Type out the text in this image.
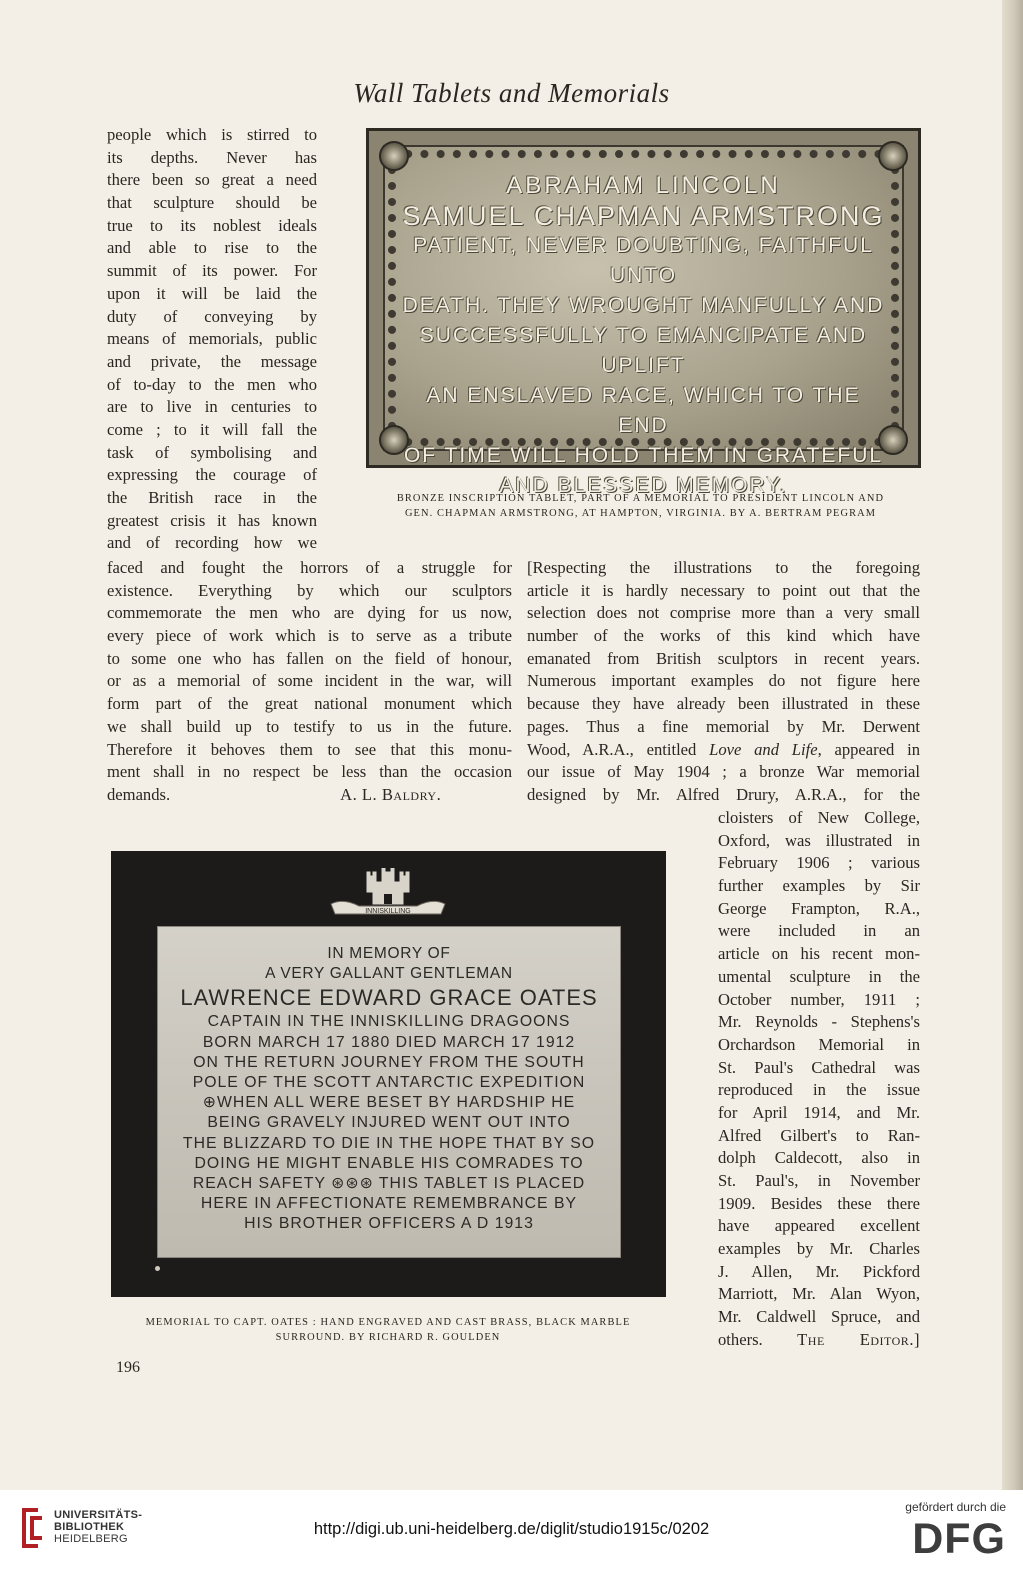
Wall Tablets and Memorials
people which is stirred to
its depths. Never has
there been so great a need
that sculpture should be
true to its noblest ideals
and able to rise to the
summit of its power. For
upon it will be laid the
duty of conveying by
means of memorials, public
and private, the message
of to-day to the men who
are to live in centuries to
come ; to it will fall the
task of symbolising and
expressing the courage of
the British race in the
greatest crisis it has known
and of recording how we
ABRAHAM LINCOLN
SAMUEL CHAPMAN ARMSTRONG
PATIENT, NEVER DOUBTING, FAITHFUL UNTO
DEATH. THEY WROUGHT MANFULLY AND
SUCCESSFULLY TO EMANCIPATE AND UPLIFT
AN ENSLAVED RACE, WHICH TO THE END
OF TIME WILL HOLD THEM IN GRATEFUL
AND BLESSED MEMORY.
BRONZE INSCRIPTION TABLET, PART OF A MEMORIAL TO PRESIDENT LINCOLN AND
GEN. CHAPMAN ARMSTRONG, AT HAMPTON, VIRGINIA. BY A. BERTRAM PEGRAM
faced and fought the horrors of a struggle for
existence. Everything by which our sculptors
commemorate the men who are dying for us now,
every piece of work which is to serve as a tribute
to some one who has fallen on the field of honour,
or as a memorial of some incident in the war, will
form part of the great national monument which
we shall build up to testify to us in the future.
Therefore it behoves them to see that this monu-
ment shall in no respect be less than the occasion
demands.	A. L. Baldry.
[Respecting the illustrations to the foregoing
article it is hardly necessary to point out that the
selection does not comprise more than a very small
number of the works of this kind which have
emanated from British sculptors in recent years.
Numerous important examples do not figure here
because they have already been illustrated in these
pages. Thus a fine memorial by Mr. Derwent
Wood, A.R.A., entitled Love and Life, appeared in
our issue of May 1904 ; a bronze War memorial
designed by Mr. Alfred Drury, A.R.A., for the
cloisters of New College,
Oxford, was illustrated in
February 1906 ; various
further examples by Sir
George Frampton, R.A.,
were included in an
article on his recent mon-
umental sculpture in the
October number, 1911 ;
Mr. Reynolds - Stephens's
Orchardson Memorial in
St. Paul's Cathedral was
reproduced in the issue
for April 1914, and Mr.
Alfred Gilbert's to Ran-
dolph Caldecott, also in
St. Paul's, in November
1909. Besides these there
have appeared excellent
examples by Mr. Charles
J. Allen, Mr. Pickford
Marriott, Mr. Alan Wyon,
Mr. Caldwell Spruce, and
others. The Editor.]
INNISKILLING
IN MEMORY OF
A VERY GALLANT GENTLEMAN
LAWRENCE EDWARD GRACE OATES
CAPTAIN IN THE INNISKILLING DRAGOONS
BORN MARCH 17 1880 DIED MARCH 17 1912
ON THE RETURN JOURNEY FROM THE SOUTH
POLE OF THE SCOTT ANTARCTIC EXPEDITION
⊕WHEN ALL WERE BESET BY HARDSHIP HE
BEING GRAVELY INJURED WENT OUT INTO
THE BLIZZARD TO DIE IN THE HOPE THAT BY SO
DOING HE MIGHT ENABLE HIS COMRADES TO
REACH SAFETY ⊛⊛⊛ THIS TABLET IS PLACED
HERE IN AFFECTIONATE REMEMBRANCE BY
HIS BROTHER OFFICERS A D 1913
MEMORIAL TO CAPT. OATES : HAND ENGRAVED AND CAST BRASS, BLACK MARBLE
SURROUND. BY RICHARD R. GOULDEN
196
UNIVERSITÄTS-
BIBLIOTHEK
HEIDELBERG
http://digi.ub.uni-heidelberg.de/diglit/studio1915c/0202
gefördert durch die
DFG
